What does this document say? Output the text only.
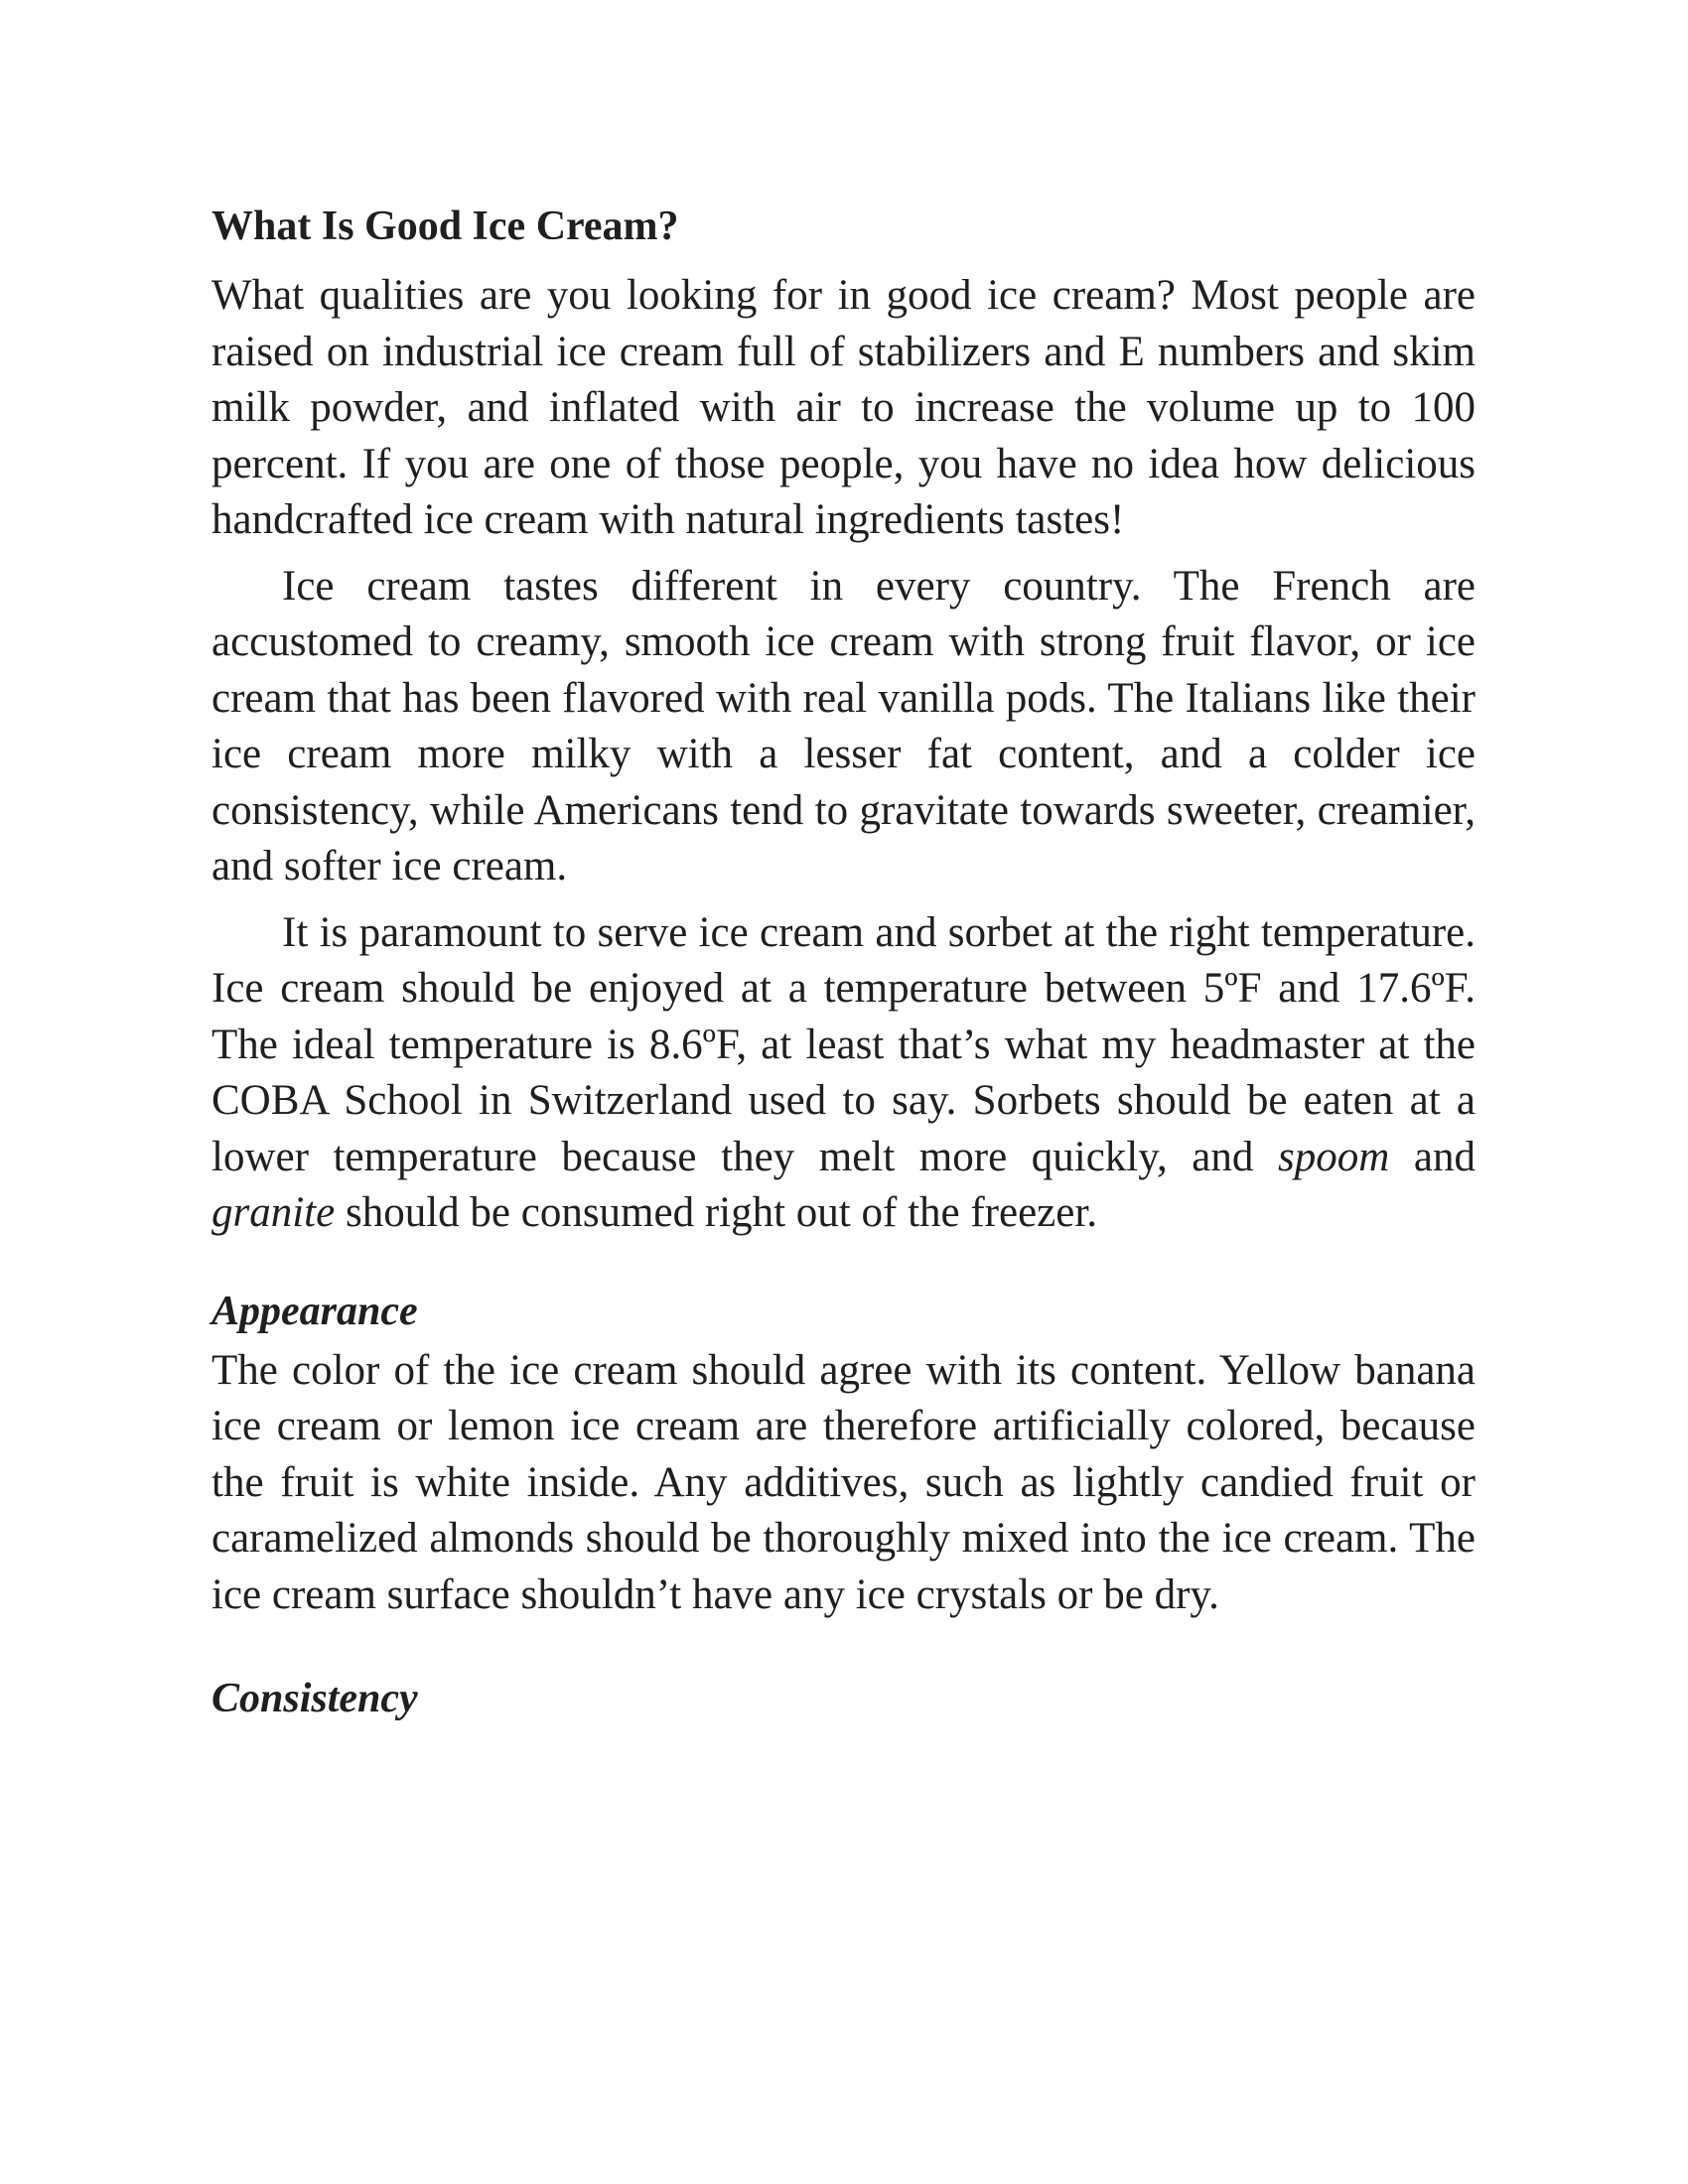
What Is Good Ice Cream?

What qualities are you looking for in good ice cream? Most people are raised on industrial ice cream full of stabilizers and E numbers and skim milk powder, and inflated with air to increase the volume up to 100 percent. If you are one of those people, you have no idea how delicious handcrafted ice cream with natural ingredients tastes!

Ice cream tastes different in every country. The French are accustomed to creamy, smooth ice cream with strong fruit flavor, or ice cream that has been flavored with real vanilla pods. The Italians like their ice cream more milky with a lesser fat content, and a colder ice consistency, while Americans tend to gravitate towards sweeter, creamier, and softer ice cream.

It is paramount to serve ice cream and sorbet at the right temperature. Ice cream should be enjoyed at a temperature between 5ºF and 17.6ºF. The ideal temperature is 8.6ºF, at least that’s what my headmaster at the COBA School in Switzerland used to say. Sorbets should be eaten at a lower temperature because they melt more quickly, and spoom and granite should be consumed right out of the freezer.

Appearance

The color of the ice cream should agree with its content. Yellow banana ice cream or lemon ice cream are therefore artificially colored, because the fruit is white inside. Any additives, such as lightly candied fruit or caramelized almonds should be thoroughly mixed into the ice cream. The ice cream surface shouldn’t have any ice crystals or be dry.

Consistency
